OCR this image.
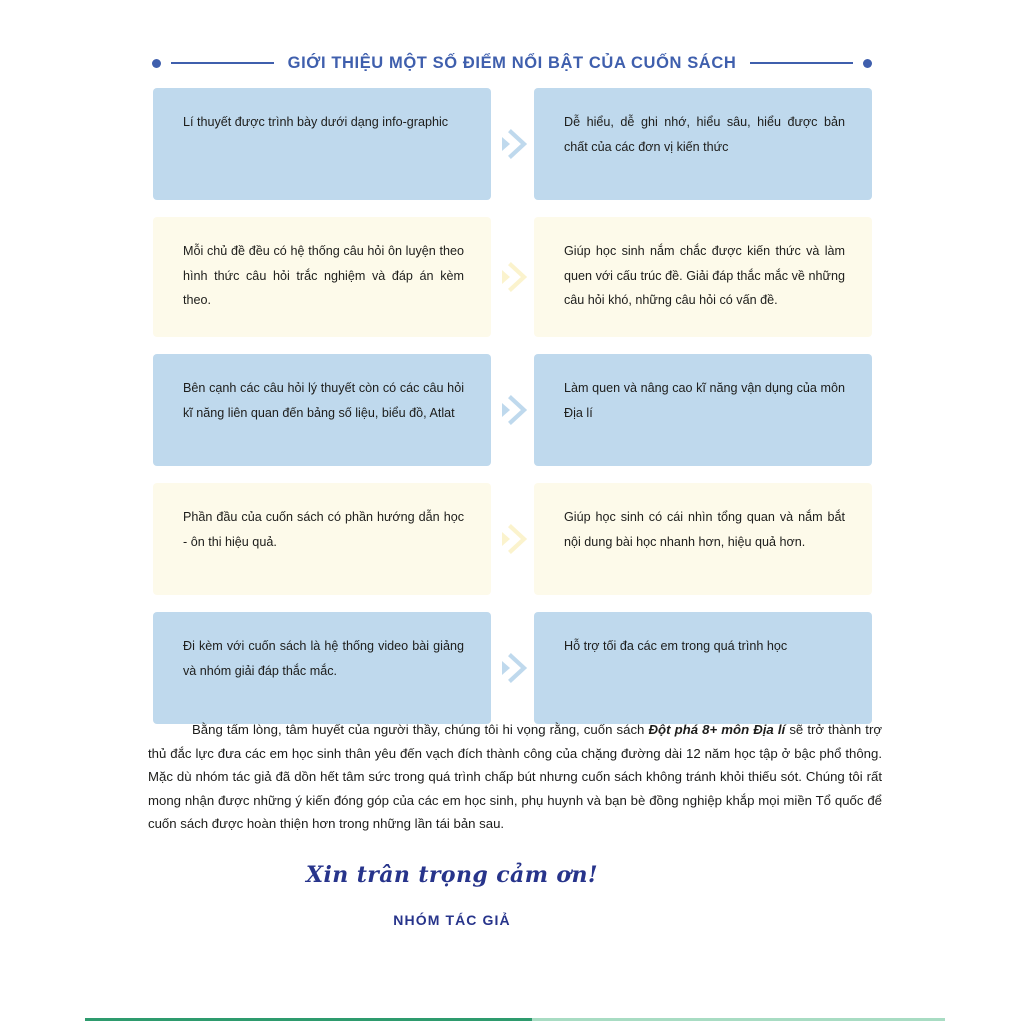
GIỚI THIỆU MỘT SỐ ĐIỂM NỔI BẬT CỦA CUỐN SÁCH

Lí thuyết được trình bày dưới dạng info-graphic	Dễ hiểu, dễ ghi nhớ, hiểu sâu, hiểu được bản chất của các đơn vị kiến thức

Mỗi chủ đề đều có hệ thống câu hỏi ôn luyện theo hình thức câu hỏi trắc nghiệm và đáp án kèm theo.

Giúp học sinh nắm chắc được kiến thức và làm quen với cấu trúc đề. Giải đáp thắc mắc về những câu hỏi khó, những câu hỏi có vấn đề.

Bên cạnh các câu hỏi lý thuyết còn có các câu hỏi kĩ năng liên quan đến bảng số liệu, biểu đồ, Atlat

Làm quen và nâng cao kĩ năng vận dụng của môn Địa lí

Phần đầu của cuốn sách có phần hướng dẫn học - ôn thi hiệu quả.

Giúp học sinh có cái nhìn tổng quan và nắm bắt nội dung bài học nhanh hơn, hiệu quả hơn.

Đi kèm với cuốn sách là hệ thống video bài giảng và nhóm giải đáp thắc mắc.

Hỗ trợ tối đa các em trong quá trình học

Bằng tấm lòng, tâm huyết của người thầy, chúng tôi hi vọng rằng, cuốn sách Đột phá 8+ môn Địa lí sẽ trở thành trợ thủ đắc lực đưa các em học sinh thân yêu đến vạch đích thành công của chặng đường dài 12 năm học tập ở bậc phổ thông. Mặc dù nhóm tác giả đã dồn hết tâm sức trong quá trình chấp bút nhưng cuốn sách không tránh khỏi thiếu sót. Chúng tôi rất mong nhận được những ý kiến đóng góp của các em học sinh, phụ huynh và bạn bè đồng nghiệp khắp mọi miền Tổ quốc để cuốn sách được hoàn thiện hơn trong những lần tái bản sau.
Xin trân trọng cảm ơn!
NHÓM TÁC GIẢ
